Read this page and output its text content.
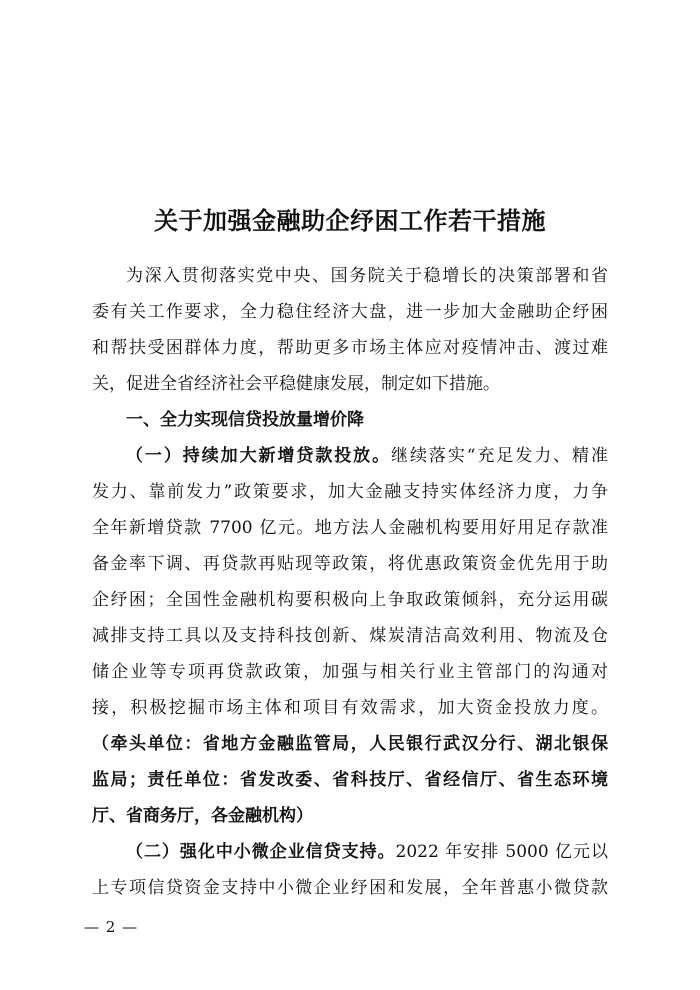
关于加强金融助企纾困工作若干措施
为深入贯彻落实党中央、国务院关于稳增长的决策部署和省
委有关工作要求，全力稳住经济大盘，进一步加大金融助企纾困
和帮扶受困群体力度，帮助更多市场主体应对疫情冲击、渡过难
关，促进全省经济社会平稳健康发展，制定如下措施。
一、全力实现信贷投放量增价降
（一）持续加大新增贷款投放。继续落实“充足发力、精准
发力、靠前发力”政策要求，加大金融支持实体经济力度，力争
全年新增贷款 7700 亿元。地方法人金融机构要用好用足存款准
备金率下调、再贷款再贴现等政策，将优惠政策资金优先用于助
企纾困；全国性金融机构要积极向上争取政策倾斜，充分运用碳
减排支持工具以及支持科技创新、煤炭清洁高效利用、物流及仓
储企业等专项再贷款政策，加强与相关行业主管部门的沟通对
接，积极挖掘市场主体和项目有效需求，加大资金投放力度。
（牵头单位：省地方金融监管局，人民银行武汉分行、湖北银保
监局；责任单位：省发改委、省科技厅、省经信厅、省生态环境
厅、省商务厅，各金融机构）
（二）强化中小微企业信贷支持。2022 年安排 5000 亿元以
上专项信贷资金支持中小微企业纾困和发展，全年普惠小微贷款
— 2 —
